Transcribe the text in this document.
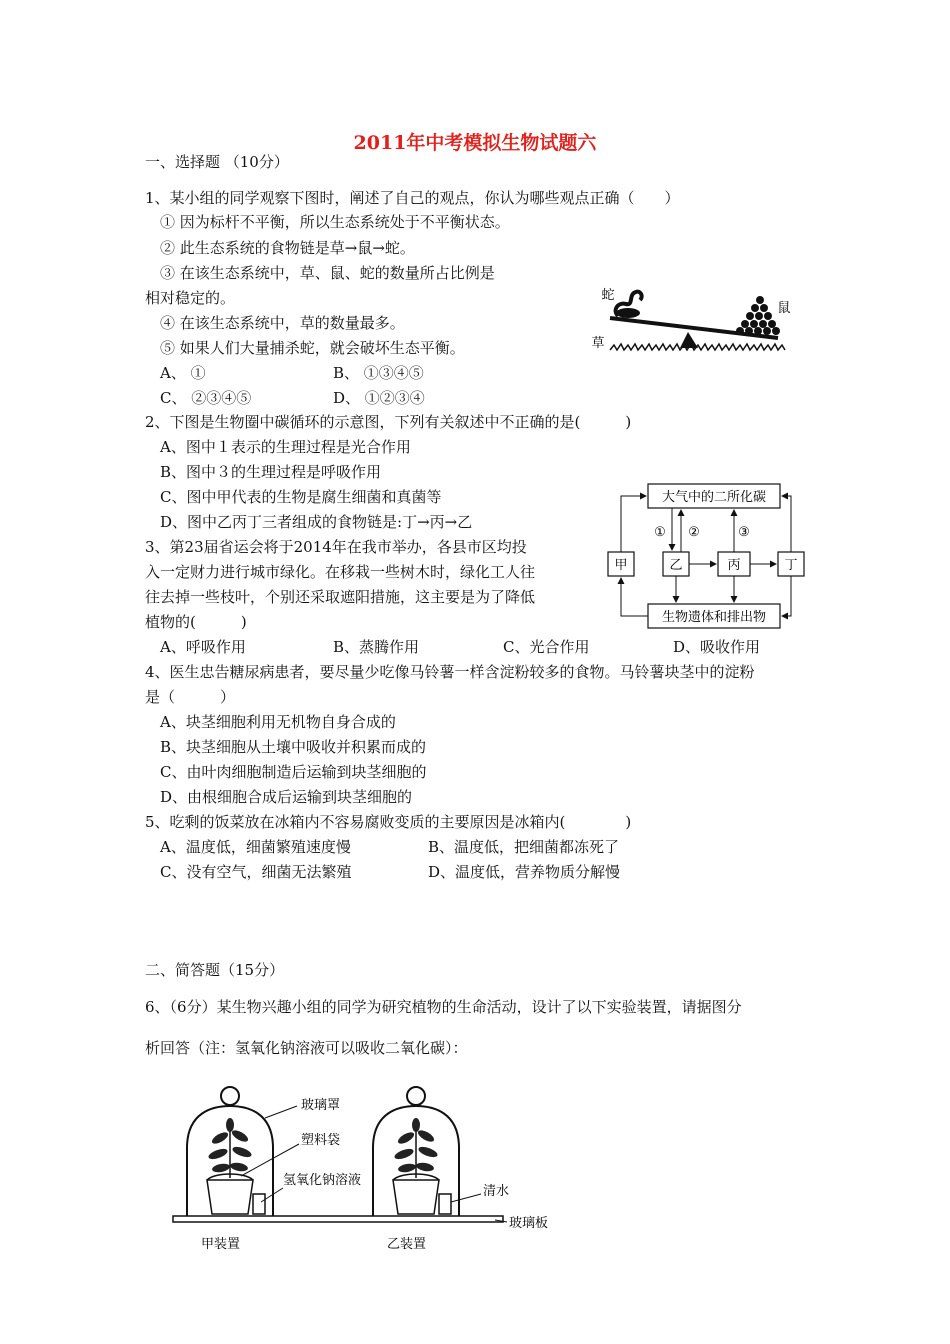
2011年中考模拟生物试题六
一、选择题 （10分）
1、某小组的同学观察下图时，阐述了自己的观点，你认为哪些观点正确（　　）
① 因为标杆不平衡，所以生态系统处于不平衡状态。
② 此生态系统的食物链是草→鼠→蛇。
③ 在该生态系统中，草、鼠、蛇的数量所占比例是
相对稳定的。
④ 在该生态系统中，草的数量最多。
⑤ 如果人们大量捕杀蛇，就会破坏生态平衡。
A、 ①	B、 ①③④⑤
C、 ②③④⑤	D、 ①②③④
蛇
鼠
草
2、下图是生物圈中碳循环的示意图，下列有关叙述中不正确的是(　　　)
A、图中１表示的生理过程是光合作用
B、图中３的生理过程是呼吸作用
C、图中甲代表的生物是腐生细菌和真菌等
D、图中乙丙丁三者组成的食物链是:丁→丙→乙
大气中的二所化碳
生物遗体和排出物
甲	乙	丙	丁
① ②	③
3、第23届省运会将于2014年在我市举办，各县市区均投
入一定财力进行城市绿化。在移栽一些树木时，绿化工人往
往去掉一些枝叶，个别还采取遮阳措施，这主要是为了降低
植物的(　　　)
A、呼吸作用	B、蒸腾作用	C、光合作用	D、吸收作用
4、医生忠告糖尿病患者，要尽量少吃像马铃薯一样含淀粉较多的食物。马铃薯块茎中的淀粉
是（　　　）
A、块茎细胞利用无机物自身合成的
B、块茎细胞从土壤中吸收并积累而成的
C、由叶肉细胞制造后运输到块茎细胞的
D、由根细胞合成后运输到块茎细胞的
5、吃剩的饭菜放在冰箱内不容易腐败变质的主要原因是冰箱内(　　　　)
A、温度低，细菌繁殖速度慢	B、温度低，把细菌都冻死了
C、没有空气，细菌无法繁殖	D、温度低，营养物质分解慢
二、简答题（15分）
6、（6分）某生物兴趣小组的同学为研究植物的生命活动，设计了以下实验装置，请据图分
析回答（注：氢氧化钠溶液可以吸收二氧化碳）：
玻璃罩
塑料袋
氢氧化钠溶液
清水
玻璃板
甲装置	乙装置
